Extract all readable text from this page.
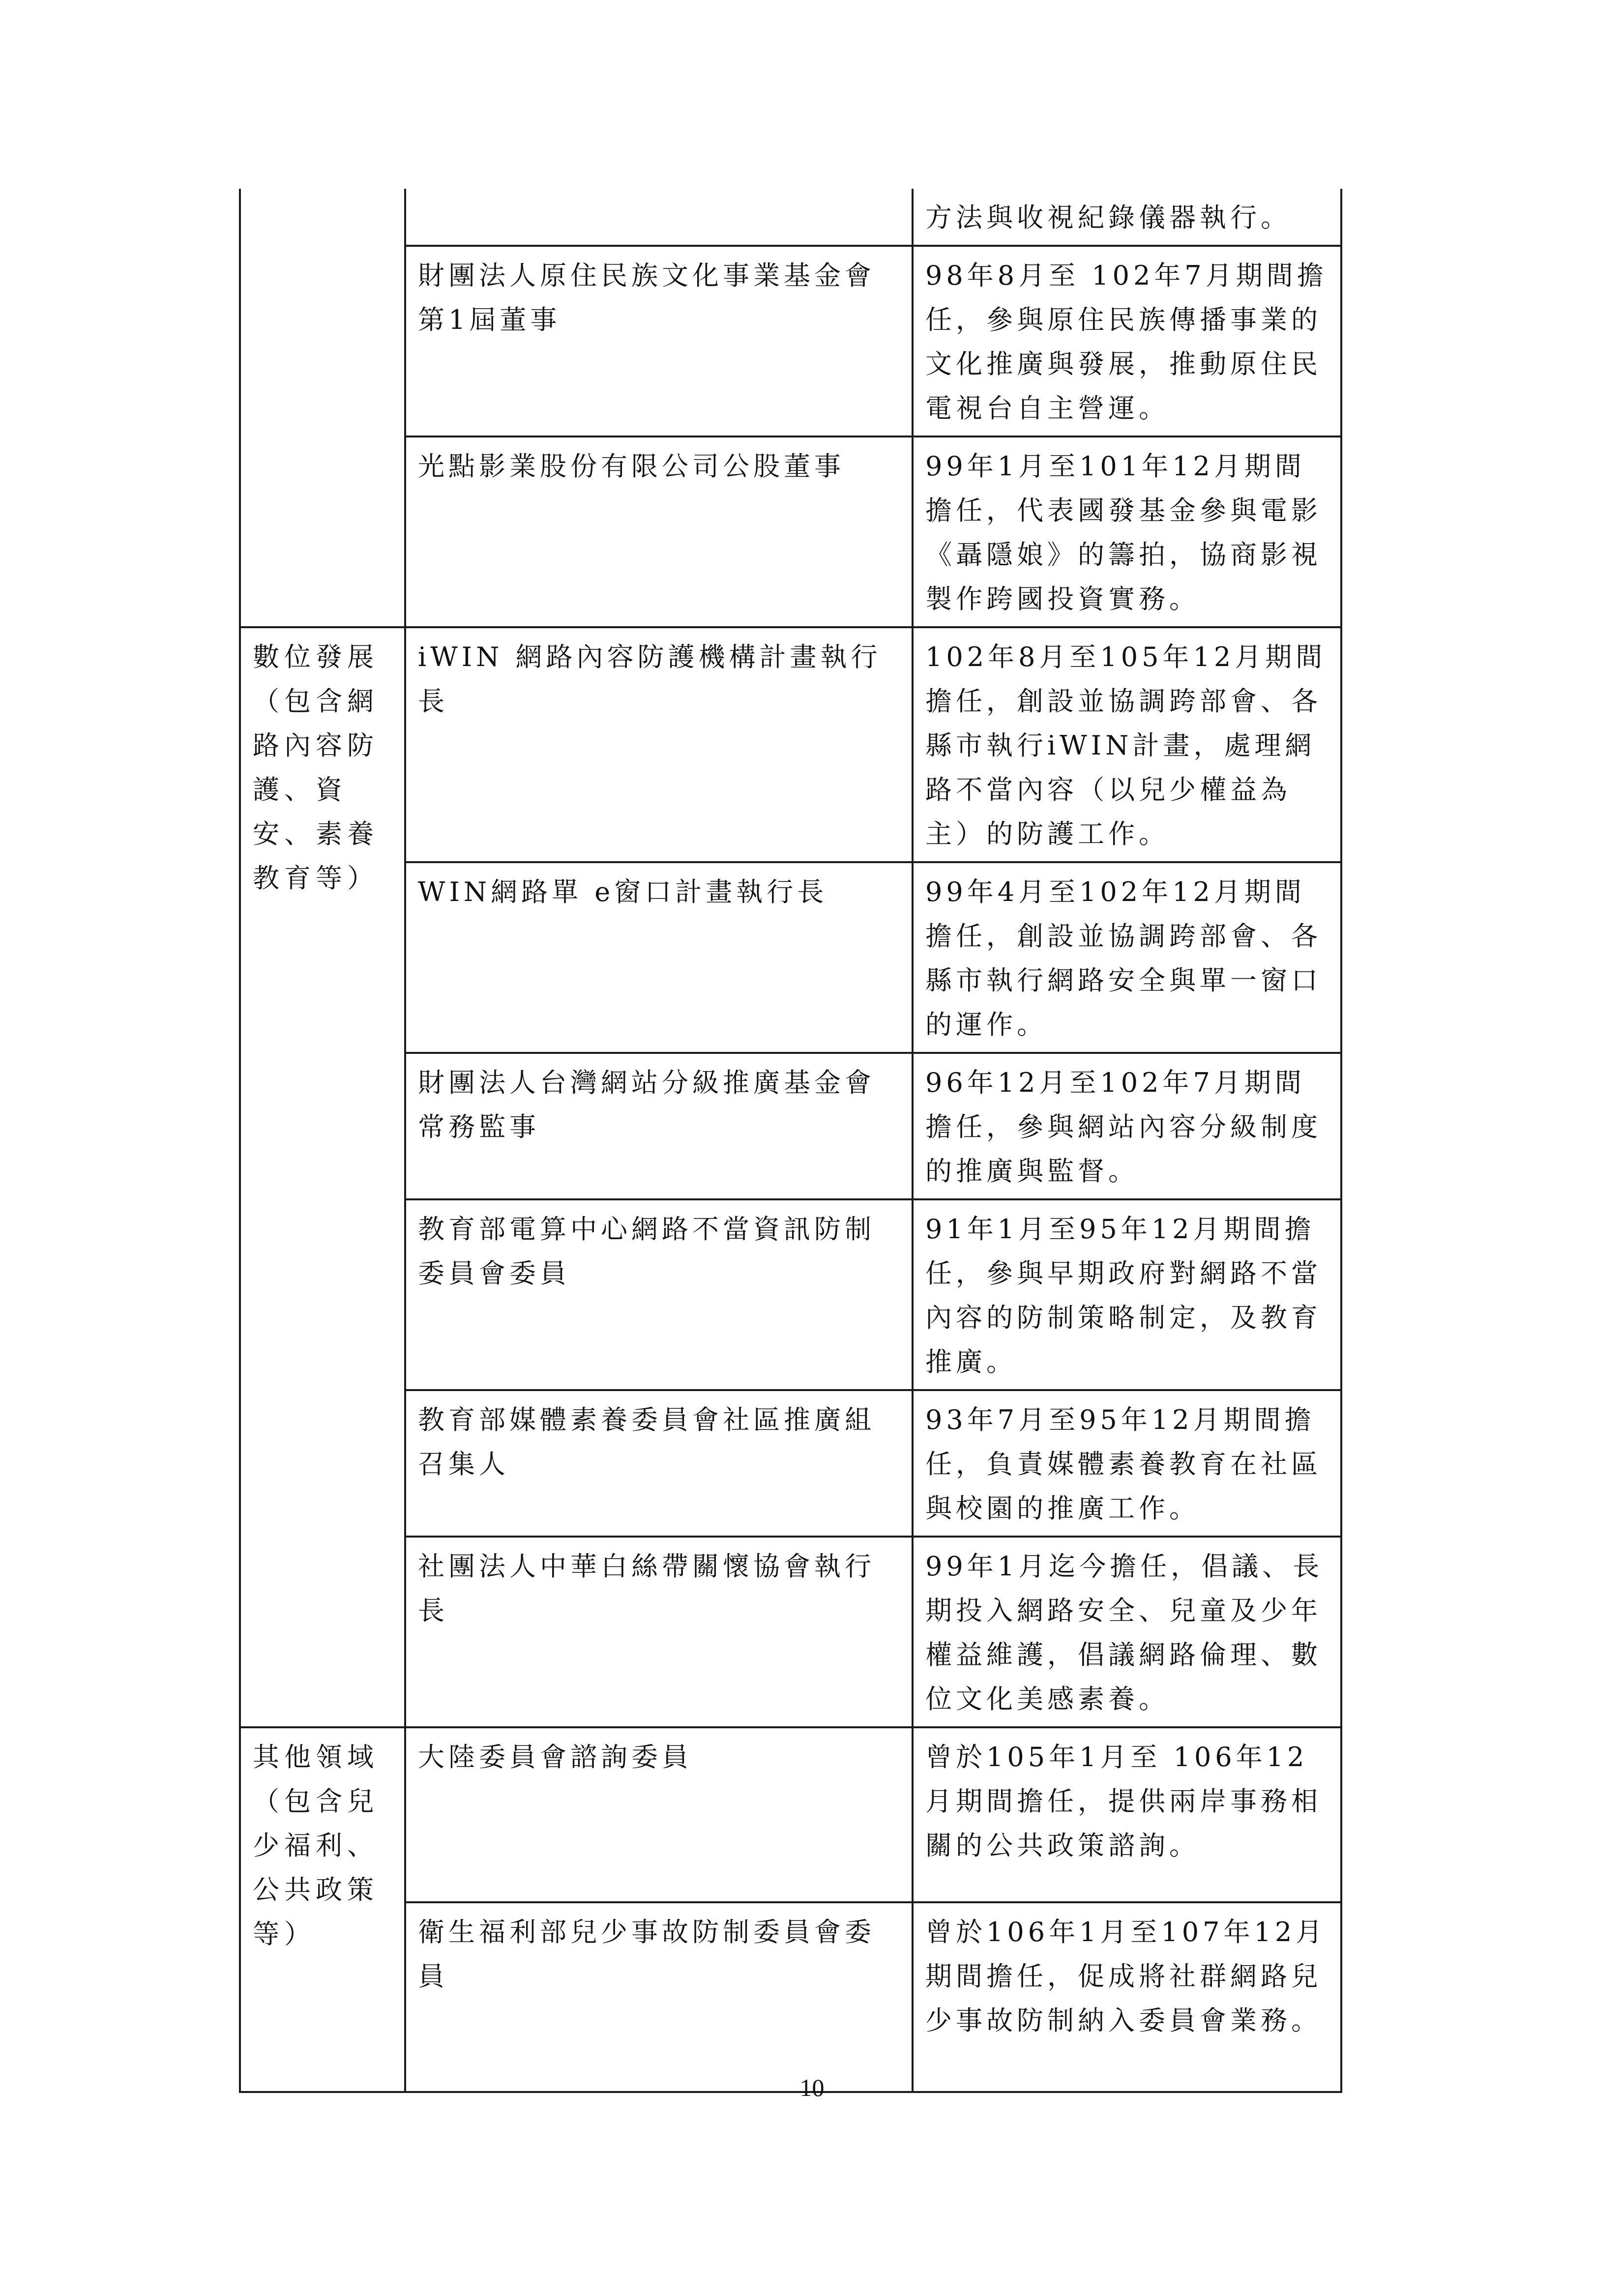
		方法與收視紀錄儀器執行。
	財團法人原住民族文化事業基金會第1屆董事	98年8月至 102年7月期間擔任，參與原住民族傳播事業的文化推廣與發展，推動原住民電視台自主營運。
	光點影業股份有限公司公股董事	99年1月至101年12月期間擔任，代表國發基金參與電影《聶隱娘》的籌拍，協商影視製作跨國投資實務。
數位發展（包含網路內容防護、資安、素養教育等）	iWIN 網路內容防護機構計畫執行長	102年8月至105年12月期間擔任，創設並協調跨部會、各縣市執行iWIN計畫，處理網路不當內容（以兒少權益為主）的防護工作。
	WIN網路單 e窗口計畫執行長	99年4月至102年12月期間擔任，創設並協調跨部會、各縣市執行網路安全與單一窗口的運作。
	財團法人台灣網站分級推廣基金會常務監事	96年12月至102年7月期間擔任，參與網站內容分級制度的推廣與監督。
	教育部電算中心網路不當資訊防制委員會委員	91年1月至95年12月期間擔任，參與早期政府對網路不當內容的防制策略制定，及教育推廣。
	教育部媒體素養委員會社區推廣組召集人	93年7月至95年12月期間擔任，負責媒體素養教育在社區與校園的推廣工作。
	社團法人中華白絲帶關懷協會執行長	99年1月迄今擔任，倡議、長期投入網路安全、兒童及少年權益維護，倡議網路倫理、數位文化美感素養。
其他領域（包含兒少福利、公共政策等）	大陸委員會諮詢委員	曾於105年1月至 106年12月期間擔任，提供兩岸事務相關的公共政策諮詢。
	衛生福利部兒少事故防制委員會委員	曾於106年1月至107年12月期間擔任，促成將社群網路兒少事故防制納入委員會業務。
10
